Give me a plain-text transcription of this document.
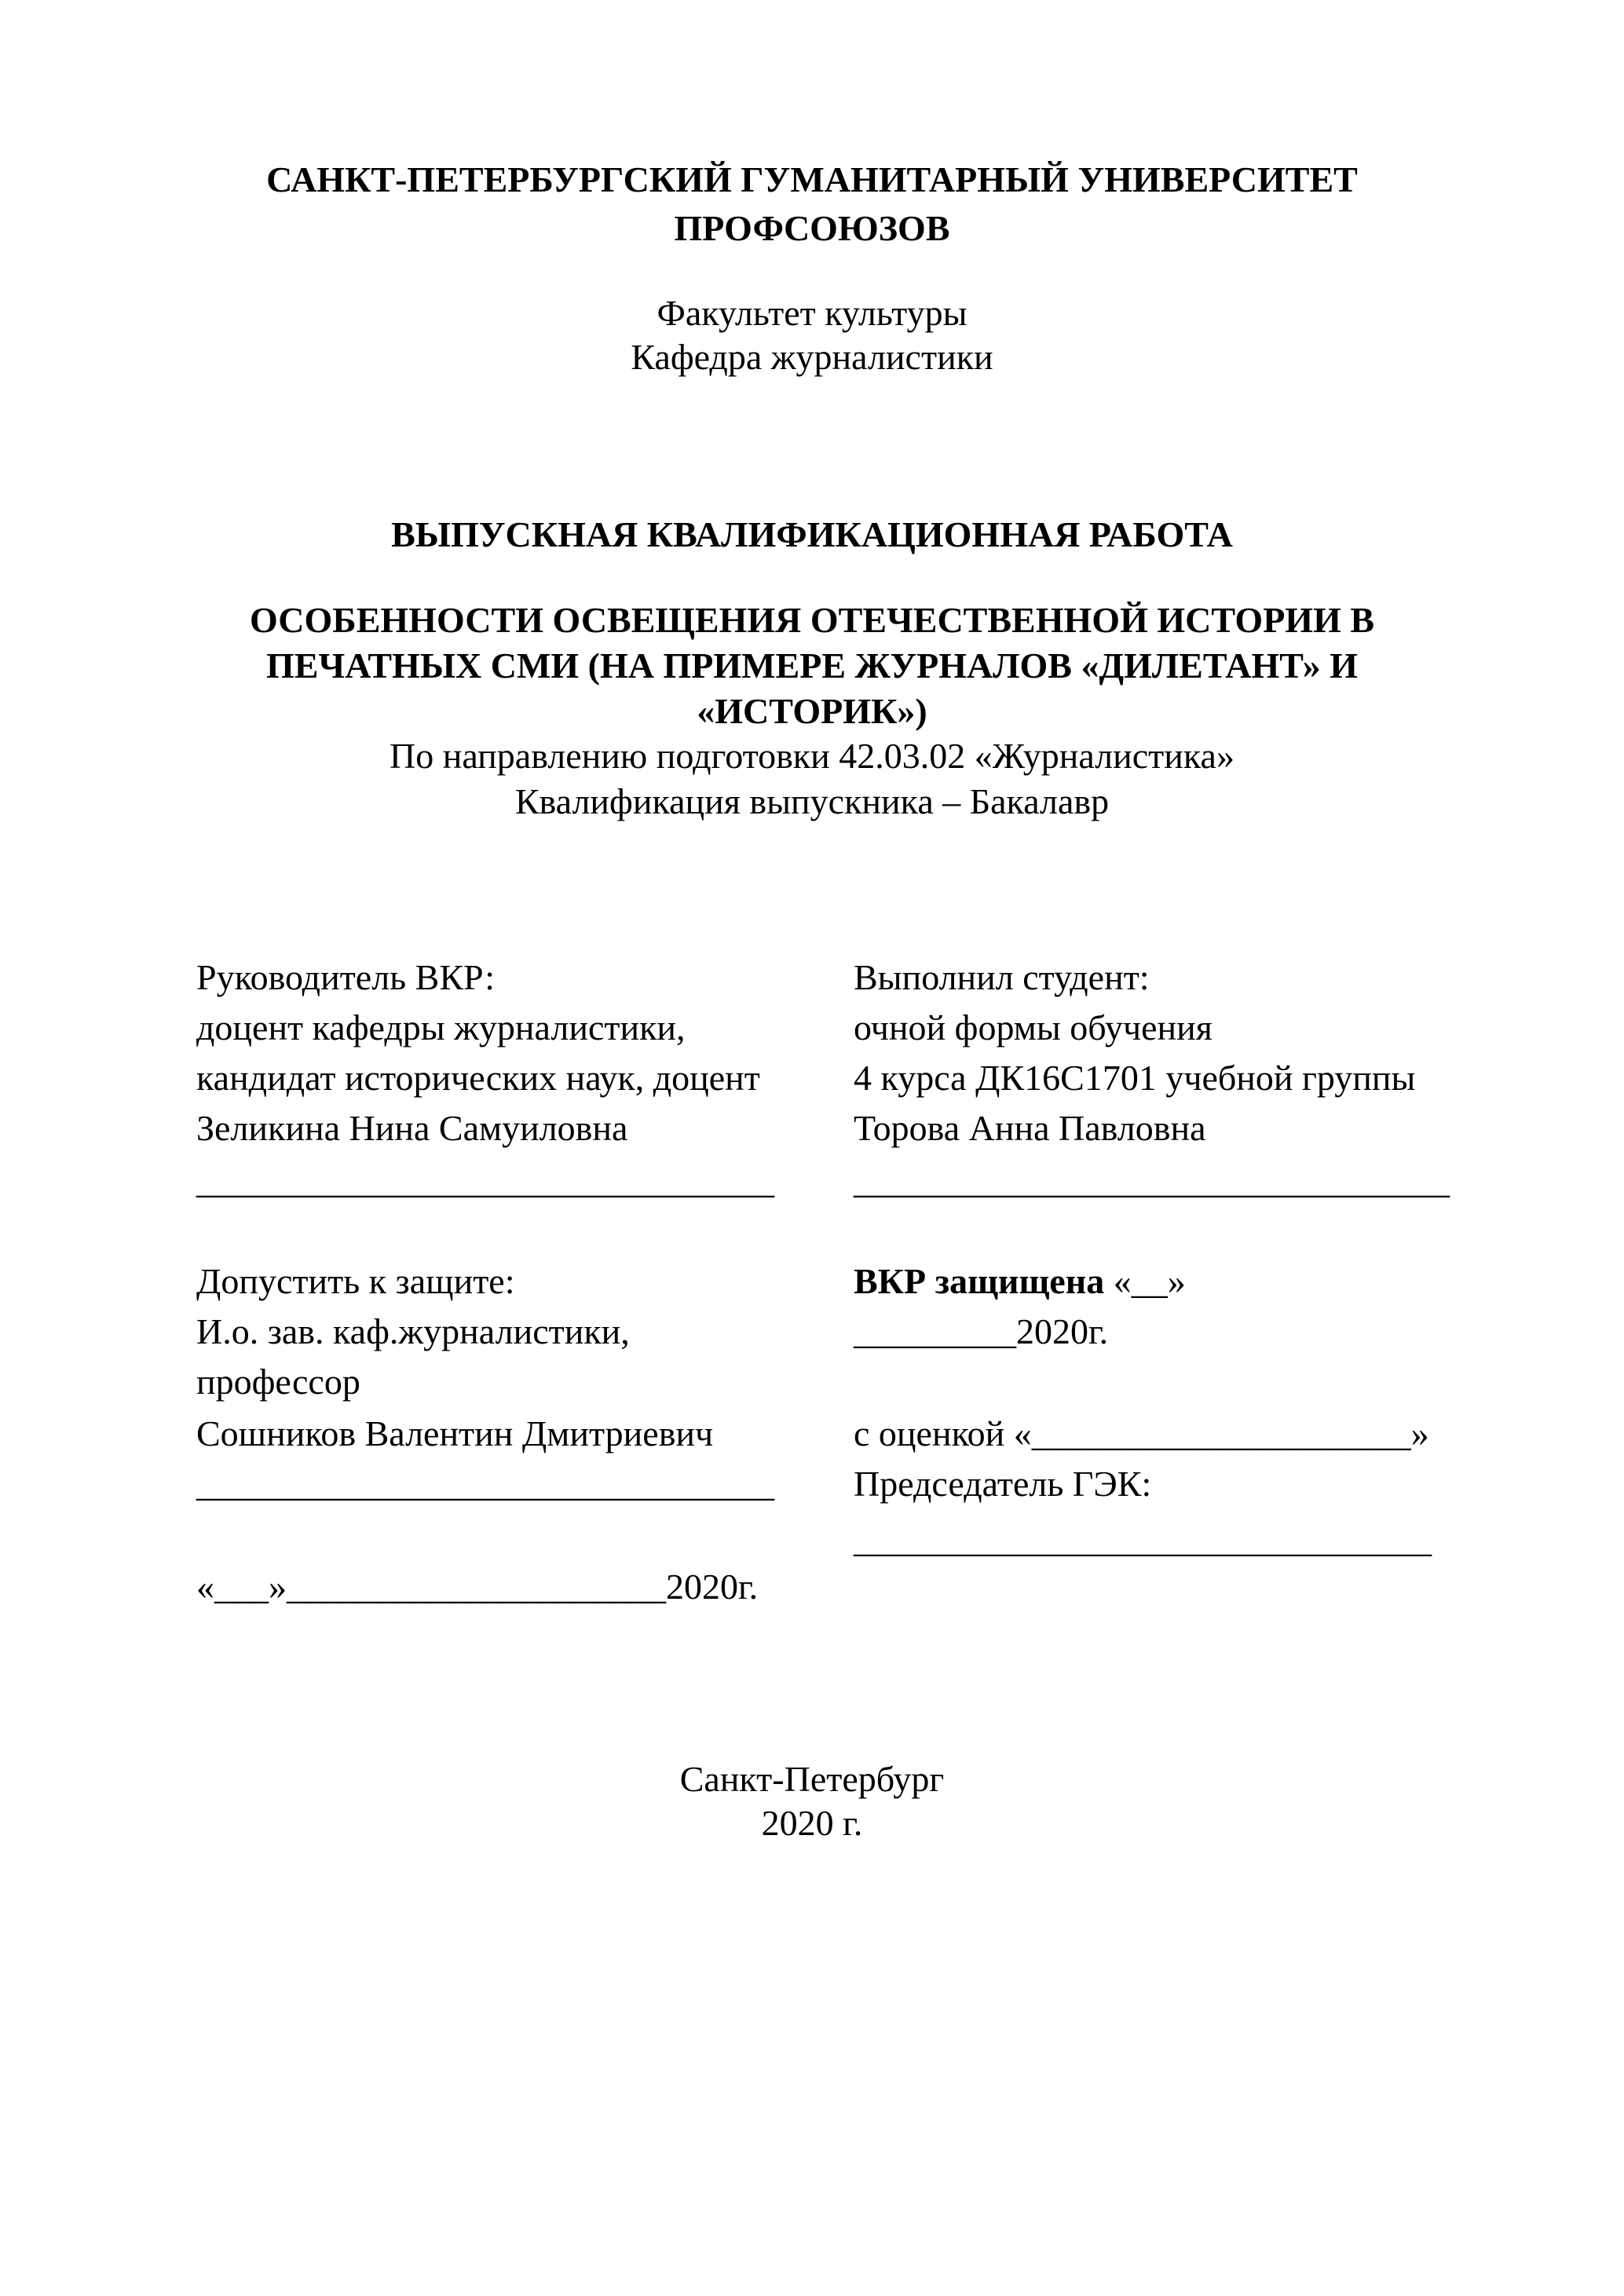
САНКТ-ПЕТЕРБУРГСКИЙ ГУМАНИТАРНЫЙ УНИВЕРСИТЕТ
ПРОФСОЮЗОВ
Факультет культуры
Кафедра журналистики
ВЫПУСКНАЯ КВАЛИФИКАЦИОННАЯ РАБОТА
ОСОБЕННОСТИ ОСВЕЩЕНИЯ ОТЕЧЕСТВЕННОЙ ИСТОРИИ В
ПЕЧАТНЫХ СМИ (НА ПРИМЕРЕ ЖУРНАЛОВ «ДИЛЕТАНТ» И
«ИСТОРИК»)
По направлению подготовки 42.03.02 «Журналистика»
Квалификация выпускника – Бакалавр
Руководитель ВКР:
доцент кафедры журналистики,
кандидат исторических наук, доцент
Зеликина Нина Самуиловна
________________________________
Выполнил студент:
очной формы обучения
4 курса ДК16С1701 учебной группы
Торова Анна Павловна
_________________________________
Допустить к защите:
И.о. зав. каф.журналистики,
профессор
Сошников Валентин Дмитриевич
________________________________
«___»_____________________2020г.
ВКР защищена «__»
_________2020г.
с оценкой «_____________________»
Председатель ГЭК:
________________________________
Санкт-Петербург
2020 г.
